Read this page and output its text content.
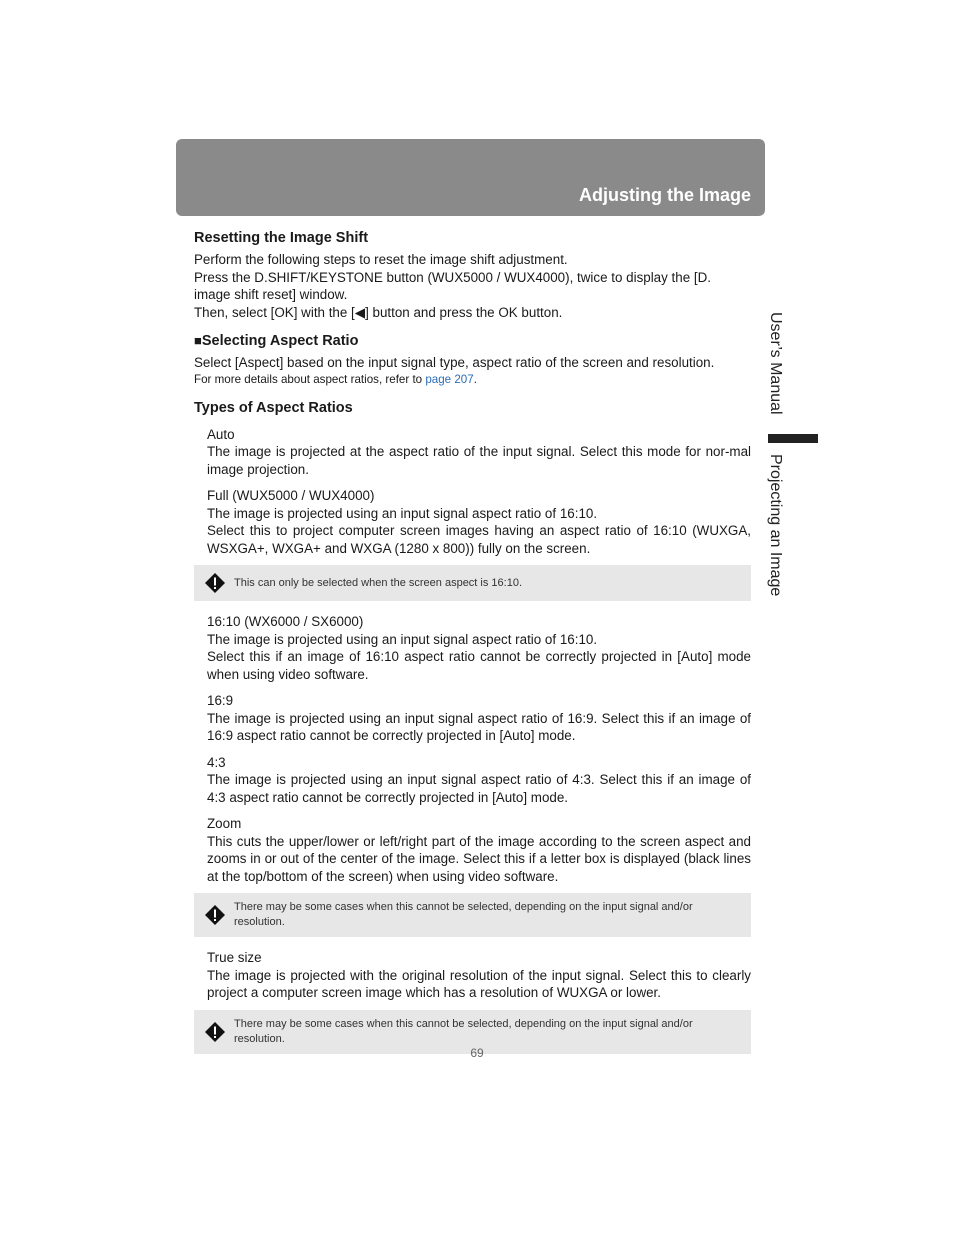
Adjusting the Image
User’s Manual
Projecting an Image
Resetting the Image Shift

Perform the following steps to reset the image shift adjustment.

Press the D.SHIFT/KEYSTONE button (WUX5000 / WUX4000), twice to display the [D. image shift reset] window.

Then, select [OK] with the [◀] button and press the OK button.

■Selecting Aspect Ratio

Select [Aspect] based on the input signal type, aspect ratio of the screen and resolution.

For more details about aspect ratios, refer to page 207.

Types of Aspect Ratios

Auto

The image is projected at the aspect ratio of the input signal. Select this mode for nor-mal image projection.

Full (WUX5000 / WUX4000)

The image is projected using an input signal aspect ratio of 16:10.

Select this to project computer screen images having an aspect ratio of 16:10 (WUXGA, WSXGA+, WXGA+ and WXGA (1280 x 800)) fully on the screen.

This can only be selected when the screen aspect is 16:10.

16:10 (WX6000 / SX6000)

The image is projected using an input signal aspect ratio of 16:10.

Select this if an image of 16:10 aspect ratio cannot be correctly projected in [Auto] mode when using video software.

16:9

The image is projected using an input signal aspect ratio of 16:9. Select this if an image of 16:9 aspect ratio cannot be correctly projected in [Auto] mode.

4:3

The image is projected using an input signal aspect ratio of 4:3. Select this if an image of 4:3 aspect ratio cannot be correctly projected in [Auto] mode.

Zoom

This cuts the upper/lower or left/right part of the image according to the screen aspect and zooms in or out of the center of the image. Select this if a letter box is displayed (black lines at the top/bottom of the screen) when using video software.

There may be some cases when this cannot be selected, depending on the input signal and/or resolution.

True size

The image is projected with the original resolution of the input signal. Select this to clearly project a computer screen image which has a resolution of WUXGA or lower.

There may be some cases when this cannot be selected, depending on the input signal and/or resolution.
69
